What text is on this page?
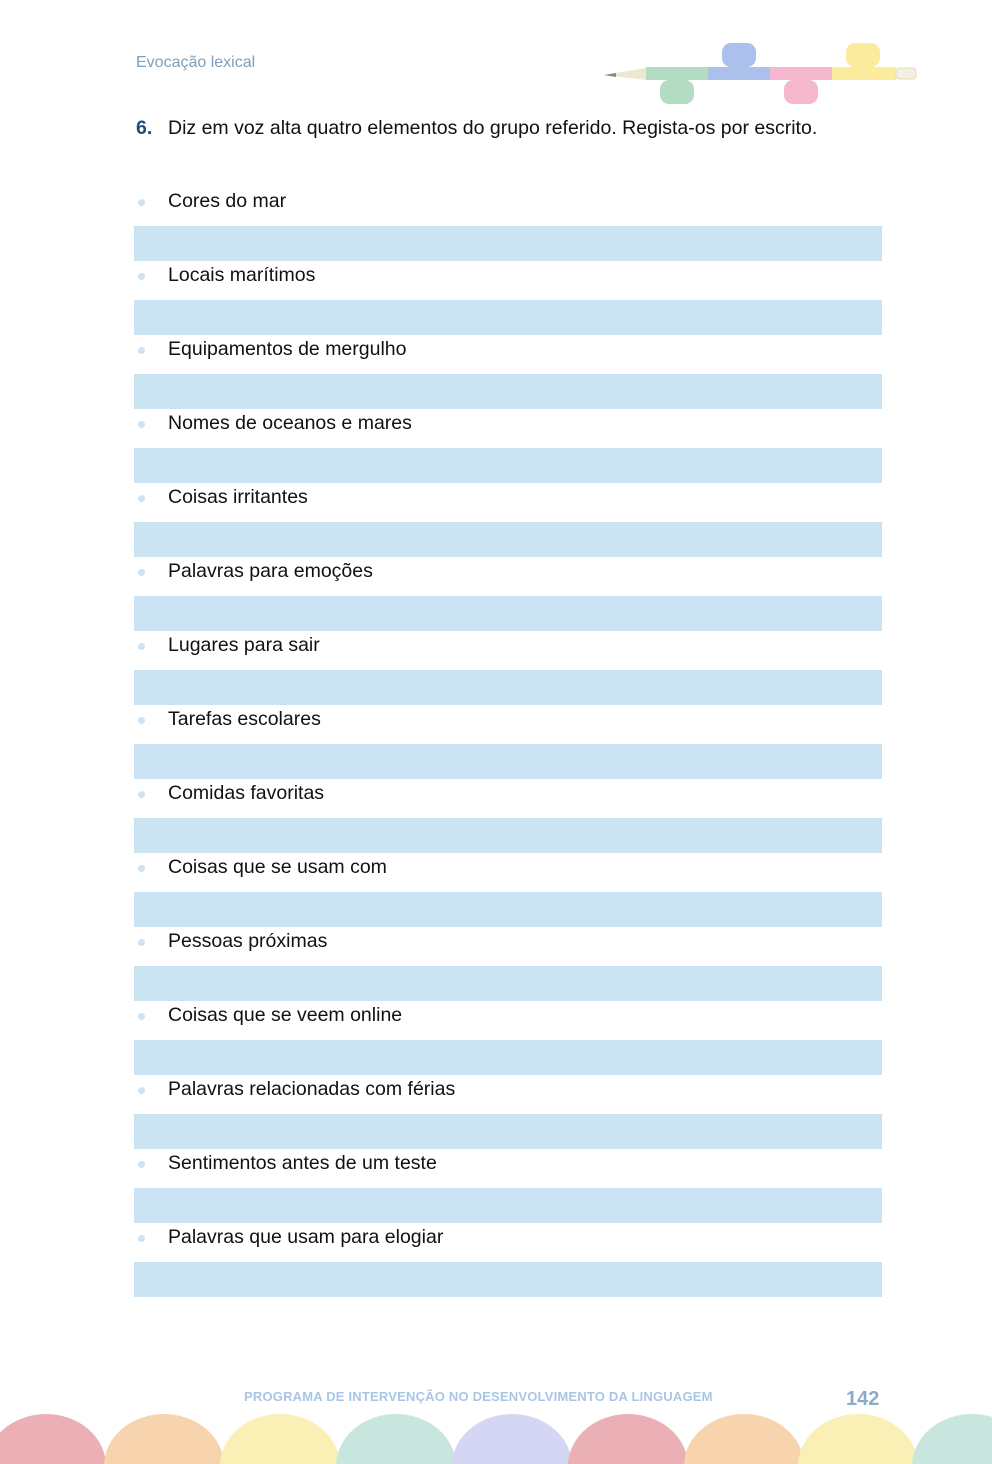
Evocação lexical
6. Diz em voz alta quatro elementos do grupo referido. Regista-os por escrito.
Cores do mar
Locais marítimos
Equipamentos de mergulho
Nomes de oceanos e mares
Coisas irritantes
Palavras para emoções
Lugares para sair
Tarefas escolares
Comidas favoritas
Coisas que se usam com
Pessoas próximas
Coisas que se veem online
Palavras relacionadas com férias
Sentimentos antes de um teste
Palavras que usam para elogiar
PROGRAMA DE INTERVENÇÃO NO DESENVOLVIMENTO DA LINGUAGEM	142
